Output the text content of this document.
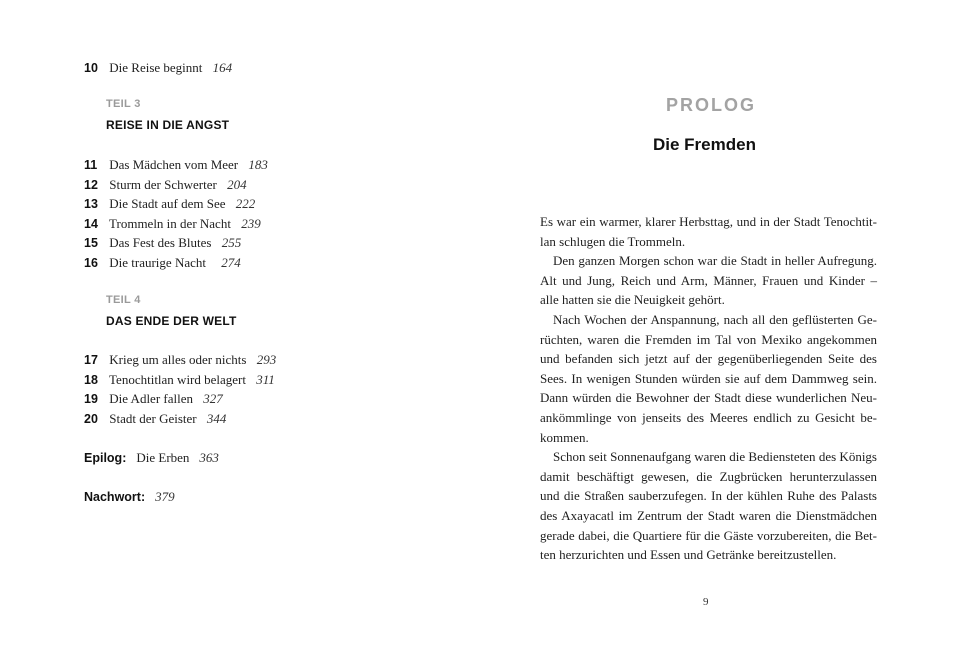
10 Die Reise beginnt 164
TEIL 3
REISE IN DIE ANGST
11 Das Mädchen vom Meer 183
12 Sturm der Schwerter 204
13 Die Stadt auf dem See 222
14 Trommeln in der Nacht 239
15 Das Fest des Blutes 255
16 Die traurige Nacht 274
TEIL 4
DAS ENDE DER WELT
17 Krieg um alles oder nichts 293
18 Tenochtitlan wird belagert 311
19 Die Adler fallen 327
20 Stadt der Geister 344
Epilog: Die Erben 363
Nachwort: 379
PROLOG
Die Fremden
Es war ein warmer, klarer Herbsttag, und in der Stadt Tenochtit-
lan schlugen die Trommeln.
Den ganzen Morgen schon war die Stadt in heller Aufregung.
Alt und Jung, Reich und Arm, Männer, Frauen und Kinder –
alle hatten sie die Neuigkeit gehört.
Nach Wochen der Anspannung, nach all den geflüsterten Ge-
rüchten, waren die Fremden im Tal von Mexiko angekommen
und befanden sich jetzt auf der gegenüberliegenden Seite des
Sees. In wenigen Stunden würden sie auf dem Dammweg sein.
Dann würden die Bewohner der Stadt diese wunderlichen Neu-
ankömmlinge von jenseits des Meeres endlich zu Gesicht be-
kommen.
Schon seit Sonnenaufgang waren die Bediensteten des Königs
damit beschäftigt gewesen, die Zugbrücken herunterzulassen
und die Straßen sauberzufegen. In der kühlen Ruhe des Palasts
des Axayacatl im Zentrum der Stadt waren die Dienstmädchen
gerade dabei, die Quartiere für die Gäste vorzubereiten, die Bet-
ten herzurichten und Essen und Getränke bereitzustellen.
9
